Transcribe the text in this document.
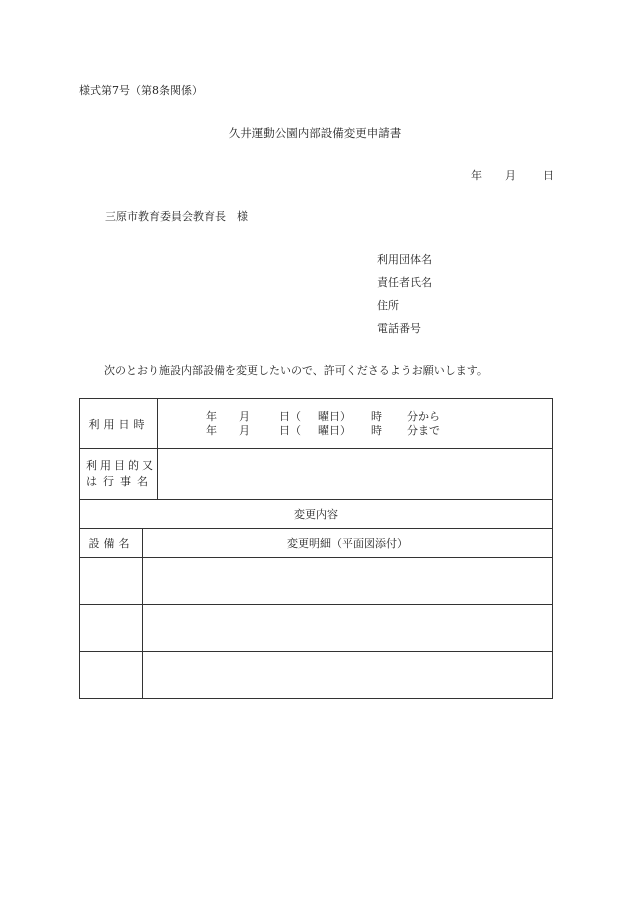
様式第7号（第8条関係）
久井運動公園内部設備変更申請書
年 月 日
三原市教育委員会教育長　様
利用団体名
責任者氏名
住所
電話番号
次のとおり施設内部設備を変更したいので、許可くださるようお願いします。
利用日時		年 月 日（ 曜日） 時 分から
年 月 日（ 曜日） 時 分まで

利用目的又
は行事名		

変更内容		
設備名	変更明細（平面図添付）	
